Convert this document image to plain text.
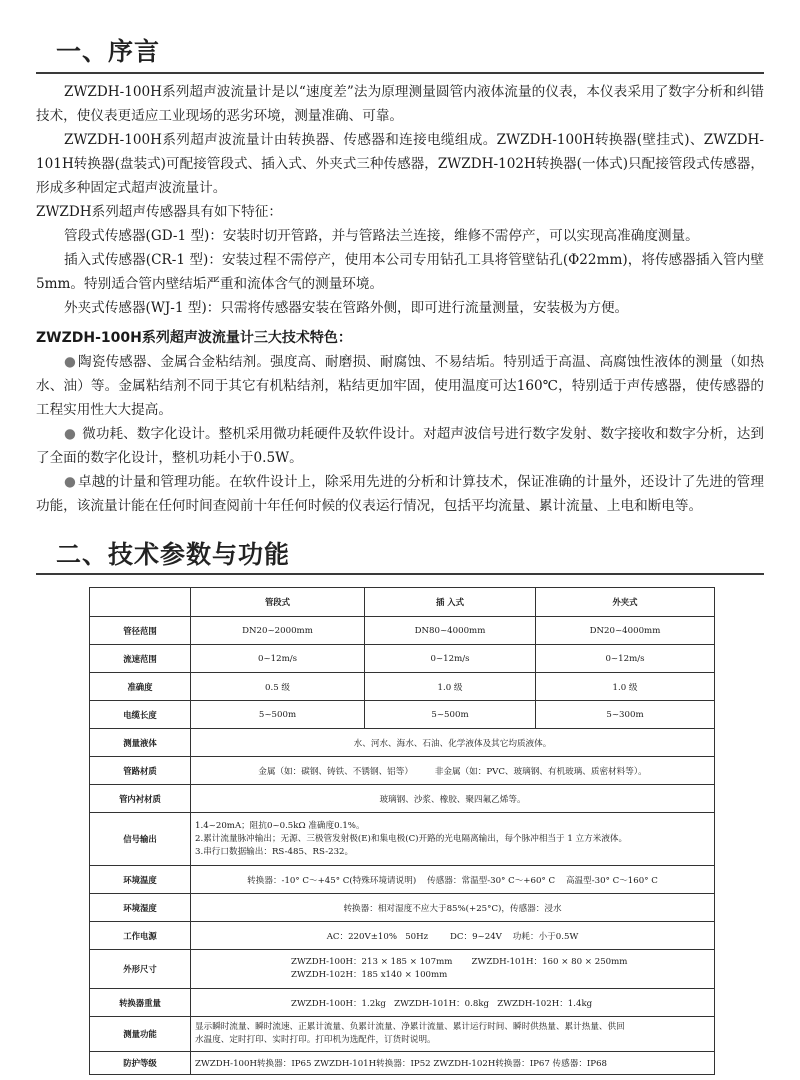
一、序言

ZWZDH-100H系列超声波流量计是以“速度差”法为原理测量圆管内液体流量的仪表，本仪表采用了数字分析和纠错技术，使仪表更适应工业现场的恶劣环境，测量准确、可靠。

ZWZDH-100H系列超声波流量计由转换器、传感器和连接电缆组成。ZWZDH-100H转换器(壁挂式)、ZWZDH-101H转换器(盘装式)可配接管段式、插入式、外夹式三种传感器，ZWZDH-102H转换器(一体式)只配接管段式传感器，形成多种固定式超声波流量计。

ZWZDH系列超声传感器具有如下特征：

管段式传感器(GD-1 型)：安装时切开管路，并与管路法兰连接，维修不需停产，可以实现高准确度测量。

插入式传感器(CR-1 型)：安装过程不需停产，使用本公司专用钻孔工具将管壁钻孔(Φ22mm)，将传感器插入管内壁5mm。特别适合管内壁结垢严重和流体含气的测量环境。

外夹式传感器(WJ-1 型)：只需将传感器安装在管路外侧，即可进行流量测量，安装极为方便。

ZWZDH-100H系列超声波流量计三大技术特色：

● 陶瓷传感器、金属合金粘结剂。强度高、耐磨损、耐腐蚀、不易结垢。特别适于高温、高腐蚀性液体的测量（如热水、油）等。金属粘结剂不同于其它有机粘结剂，粘结更加牢固，使用温度可达160℃，特别适于声传感器，使传感器的工程实用性大大提高。

● 微功耗、数字化设计。整机采用微功耗硬件及软件设计。对超声波信号进行数字发射、数字接收和数字分析，达到了全面的数字化设计，整机功耗小于0.5W。

● 卓越的计量和管理功能。在软件设计上，除采用先进的分析和计算技术，保证准确的计量外，还设计了先进的管理功能，该流量计能在任何时间查阅前十年任何时候的仪表运行情况，包括平均流量、累计流量、上电和断电等。

二、技术参数与功能
	管段式	插 入式	外夹式
管径范围	DN20~2000mm	DN80~4000mm	DN20~4000mm
流速范围	0~12m/s	0~12m/s	0~12m/s
准确度	0.5 级	1.0 级	1.0 级
电缆长度	5~500m	5~500m	5~300m
测量液体	水、河水、海水、石油、化学液体及其它均质液体。		
管路材质	金属（如：碳钢、铸铁、不锈钢、铝等）        非金属（如：PVC、玻璃钢、有机玻璃、质密材料等）。		
管内衬材质	玻璃钢、沙浆、橡胶、聚四氟乙烯等。		
信号输出	1.4~20mA；阻抗0~0.5kΩ 准确度0.1%。
2.累计流量脉冲输出；无源、三极管发射极(E)和集电极(C)开路的光电隔离输出，每个脉冲相当于 1 立方米液体。
3.串行口数据输出：RS-485、RS-232。		

环境温度	转换器：-10° C～+45° C(特殊环境请说明)    传感器：常温型-30° C～+60° C    高温型-30° C～160° C		
环境湿度	转换器：相对湿度不应大于85%(+25°C)，传感器：浸水		
工作电源	AC：220V±10%   50Hz        DC：9~24V    功耗：小于0.5W		
外形尺寸	ZWZDH-100H：213 × 185 × 107mm       ZWZDH-101H：160 × 80 × 250mm
ZWZDH-102H：185 x140 × 100mm		

转换器重量	ZWZDH-100H：1.2kg   ZWZDH-101H：0.8kg   ZWZDH-102H：1.4kg		
测量功能	显示瞬时流量、瞬时流速、正累计流量、负累计流量、净累计流量、累计运行时间、瞬时供热量、累计热量、供回
水温度、定时打印、实时打印。打印机为选配件，订货时说明。		

防护等级	ZWZDH-100H转换器：IP65 ZWZDH-101H转换器：IP52 ZWZDH-102H转换器：IP67 传感器：IP68		
